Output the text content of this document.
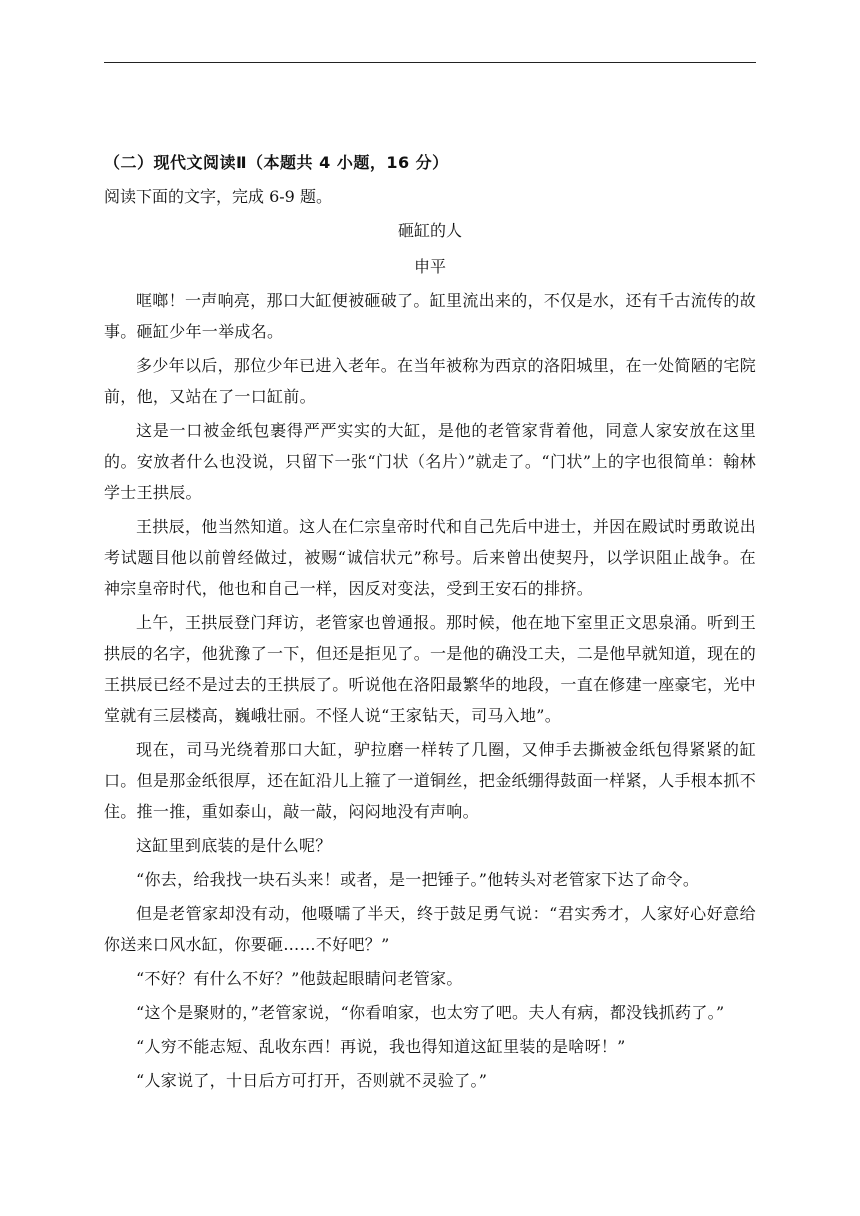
（二）现代文阅读Ⅱ（本题共 4 小题，16 分）
阅读下面的文字，完成 6-9 题。
砸缸的人
申平

哐啷！一声响亮，那口大缸便被砸破了。缸里流出来的，不仅是水，还有千古流传的故事。砸缸少年一举成名。

多少年以后，那位少年已进入老年。在当年被称为西京的洛阳城里，在一处简陋的宅院前，他，又站在了一口缸前。

这是一口被金纸包裹得严严实实的大缸，是他的老管家背着他，同意人家安放在这里的。安放者什么也没说，只留下一张“门状（名片）”就走了。“门状”上的字也很简单：翰林学士王拱辰。

王拱辰，他当然知道。这人在仁宗皇帝时代和自己先后中进士，并因在殿试时勇敢说出考试题目他以前曾经做过，被赐“诚信状元”称号。后来曾出使契丹，以学识阻止战争。在神宗皇帝时代，他也和自己一样，因反对变法，受到王安石的排挤。

上午，王拱辰登门拜访，老管家也曾通报。那时候，他在地下室里正文思泉涌。听到王拱辰的名字，他犹豫了一下，但还是拒见了。一是他的确没工夫，二是他早就知道，现在的王拱辰已经不是过去的王拱辰了。听说他在洛阳最繁华的地段，一直在修建一座豪宅，光中堂就有三层楼高，巍峨壮丽。不怪人说“王家钻天，司马入地”。

现在，司马光绕着那口大缸，驴拉磨一样转了几圈，又伸手去撕被金纸包得紧紧的缸口。但是那金纸很厚，还在缸沿儿上箍了一道铜丝，把金纸绷得鼓面一样紧，人手根本抓不住。推一推，重如泰山，敲一敲，闷闷地没有声响。

这缸里到底装的是什么呢？

“你去，给我找一块石头来！或者，是一把锤子。”他转头对老管家下达了命令。

但是老管家却没有动，他嗫嚅了半天，终于鼓足勇气说：“君实秀才，人家好心好意给你送来口风水缸，你要砸……不好吧？”

“不好？有什么不好？”他鼓起眼睛问老管家。

“这个是聚财的，”老管家说，“你看咱家，也太穷了吧。夫人有病，都没钱抓药了。”

“人穷不能志短、乱收东西！再说，我也得知道这缸里装的是啥呀！”

“人家说了，十日后方可打开，否则就不灵验了。”
